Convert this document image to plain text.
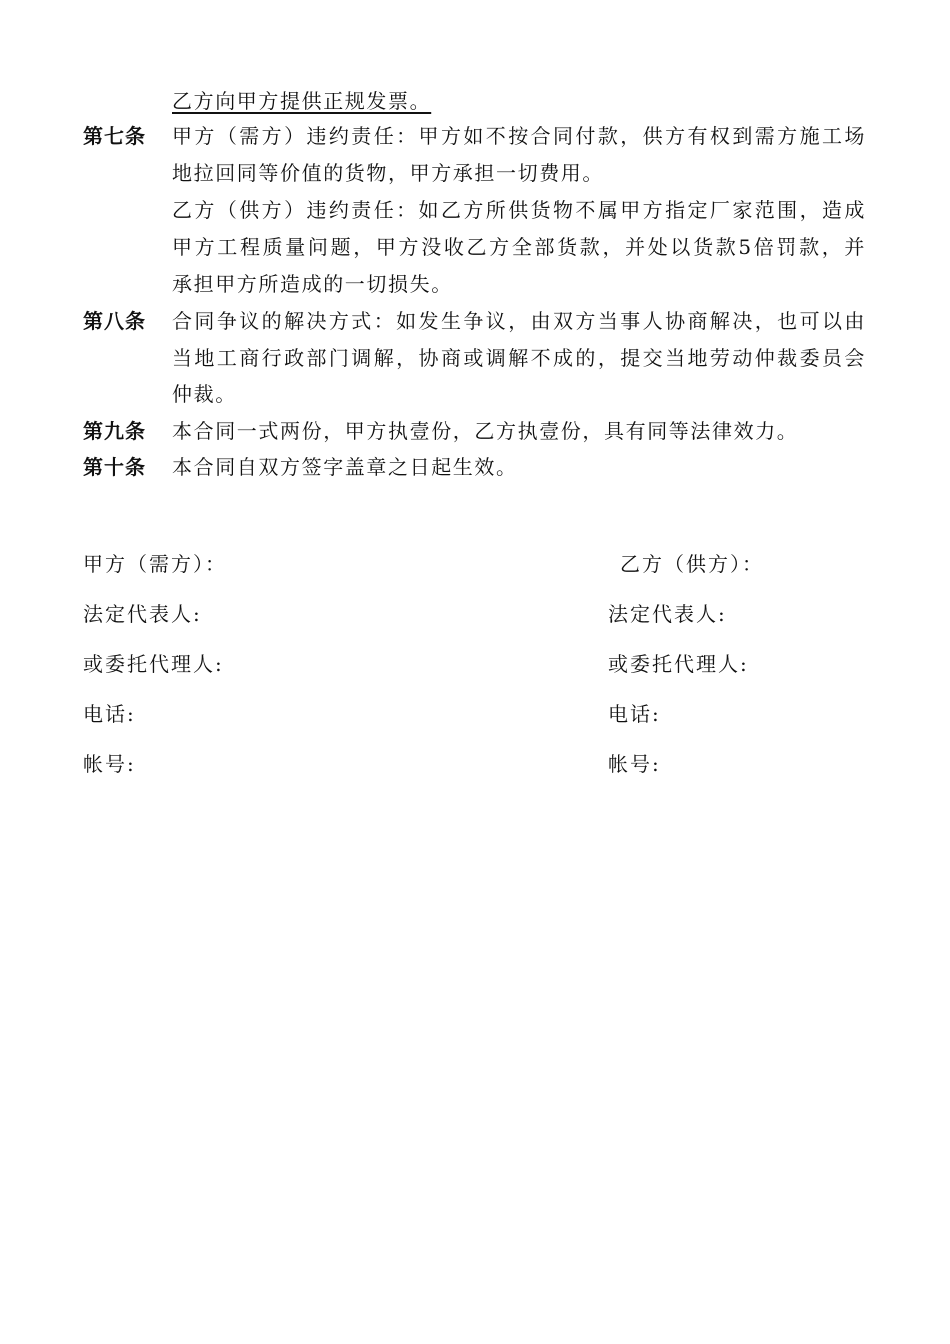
乙方向甲方提供正规发票。
第七条 甲方（需方）违约责任：甲方如不按合同付款，供方有权到需方施工场
地拉回同等价值的货物，甲方承担一切费用。
乙方（供方）违约责任：如乙方所供货物不属甲方指定厂家范围，造成
甲方工程质量问题，甲方没收乙方全部货款，并处以货款5倍罚款，并
承担甲方所造成的一切损失。
第八条 合同争议的解决方式：如发生争议，由双方当事人协商解决，也可以由
当地工商行政部门调解，协商或调解不成的，提交当地劳动仲裁委员会
仲裁。
第九条 本合同一式两份，甲方执壹份，乙方执壹份，具有同等法律效力。
第十条 本合同自双方签字盖章之日起生效。
甲方（需方）：
法定代表人:
或委托代理人:
电话:
帐号:
乙方（供方）：
法定代表人:
或委托代理人:
电话:
帐号:
